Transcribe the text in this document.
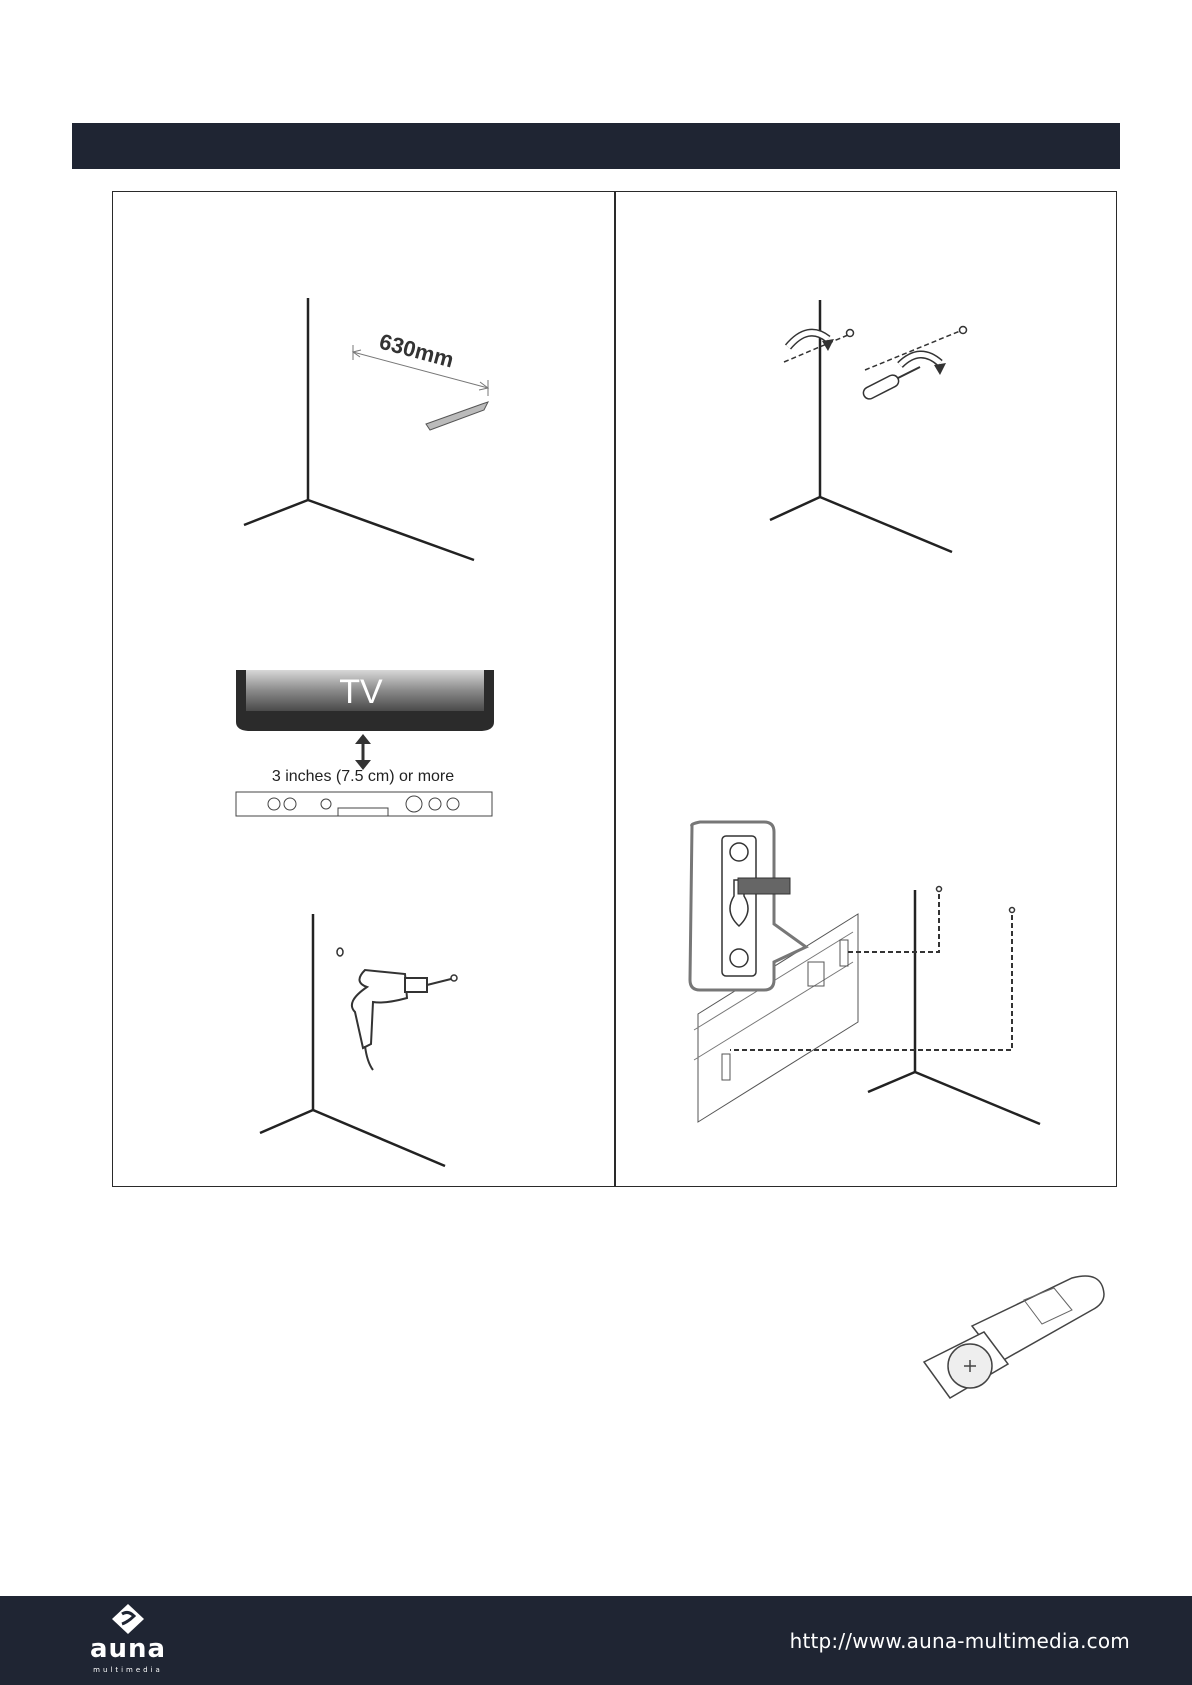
630mm
TV
3 inches (7.5 cm) or more
auna
multimedia
http://www.auna-multimedia.com
